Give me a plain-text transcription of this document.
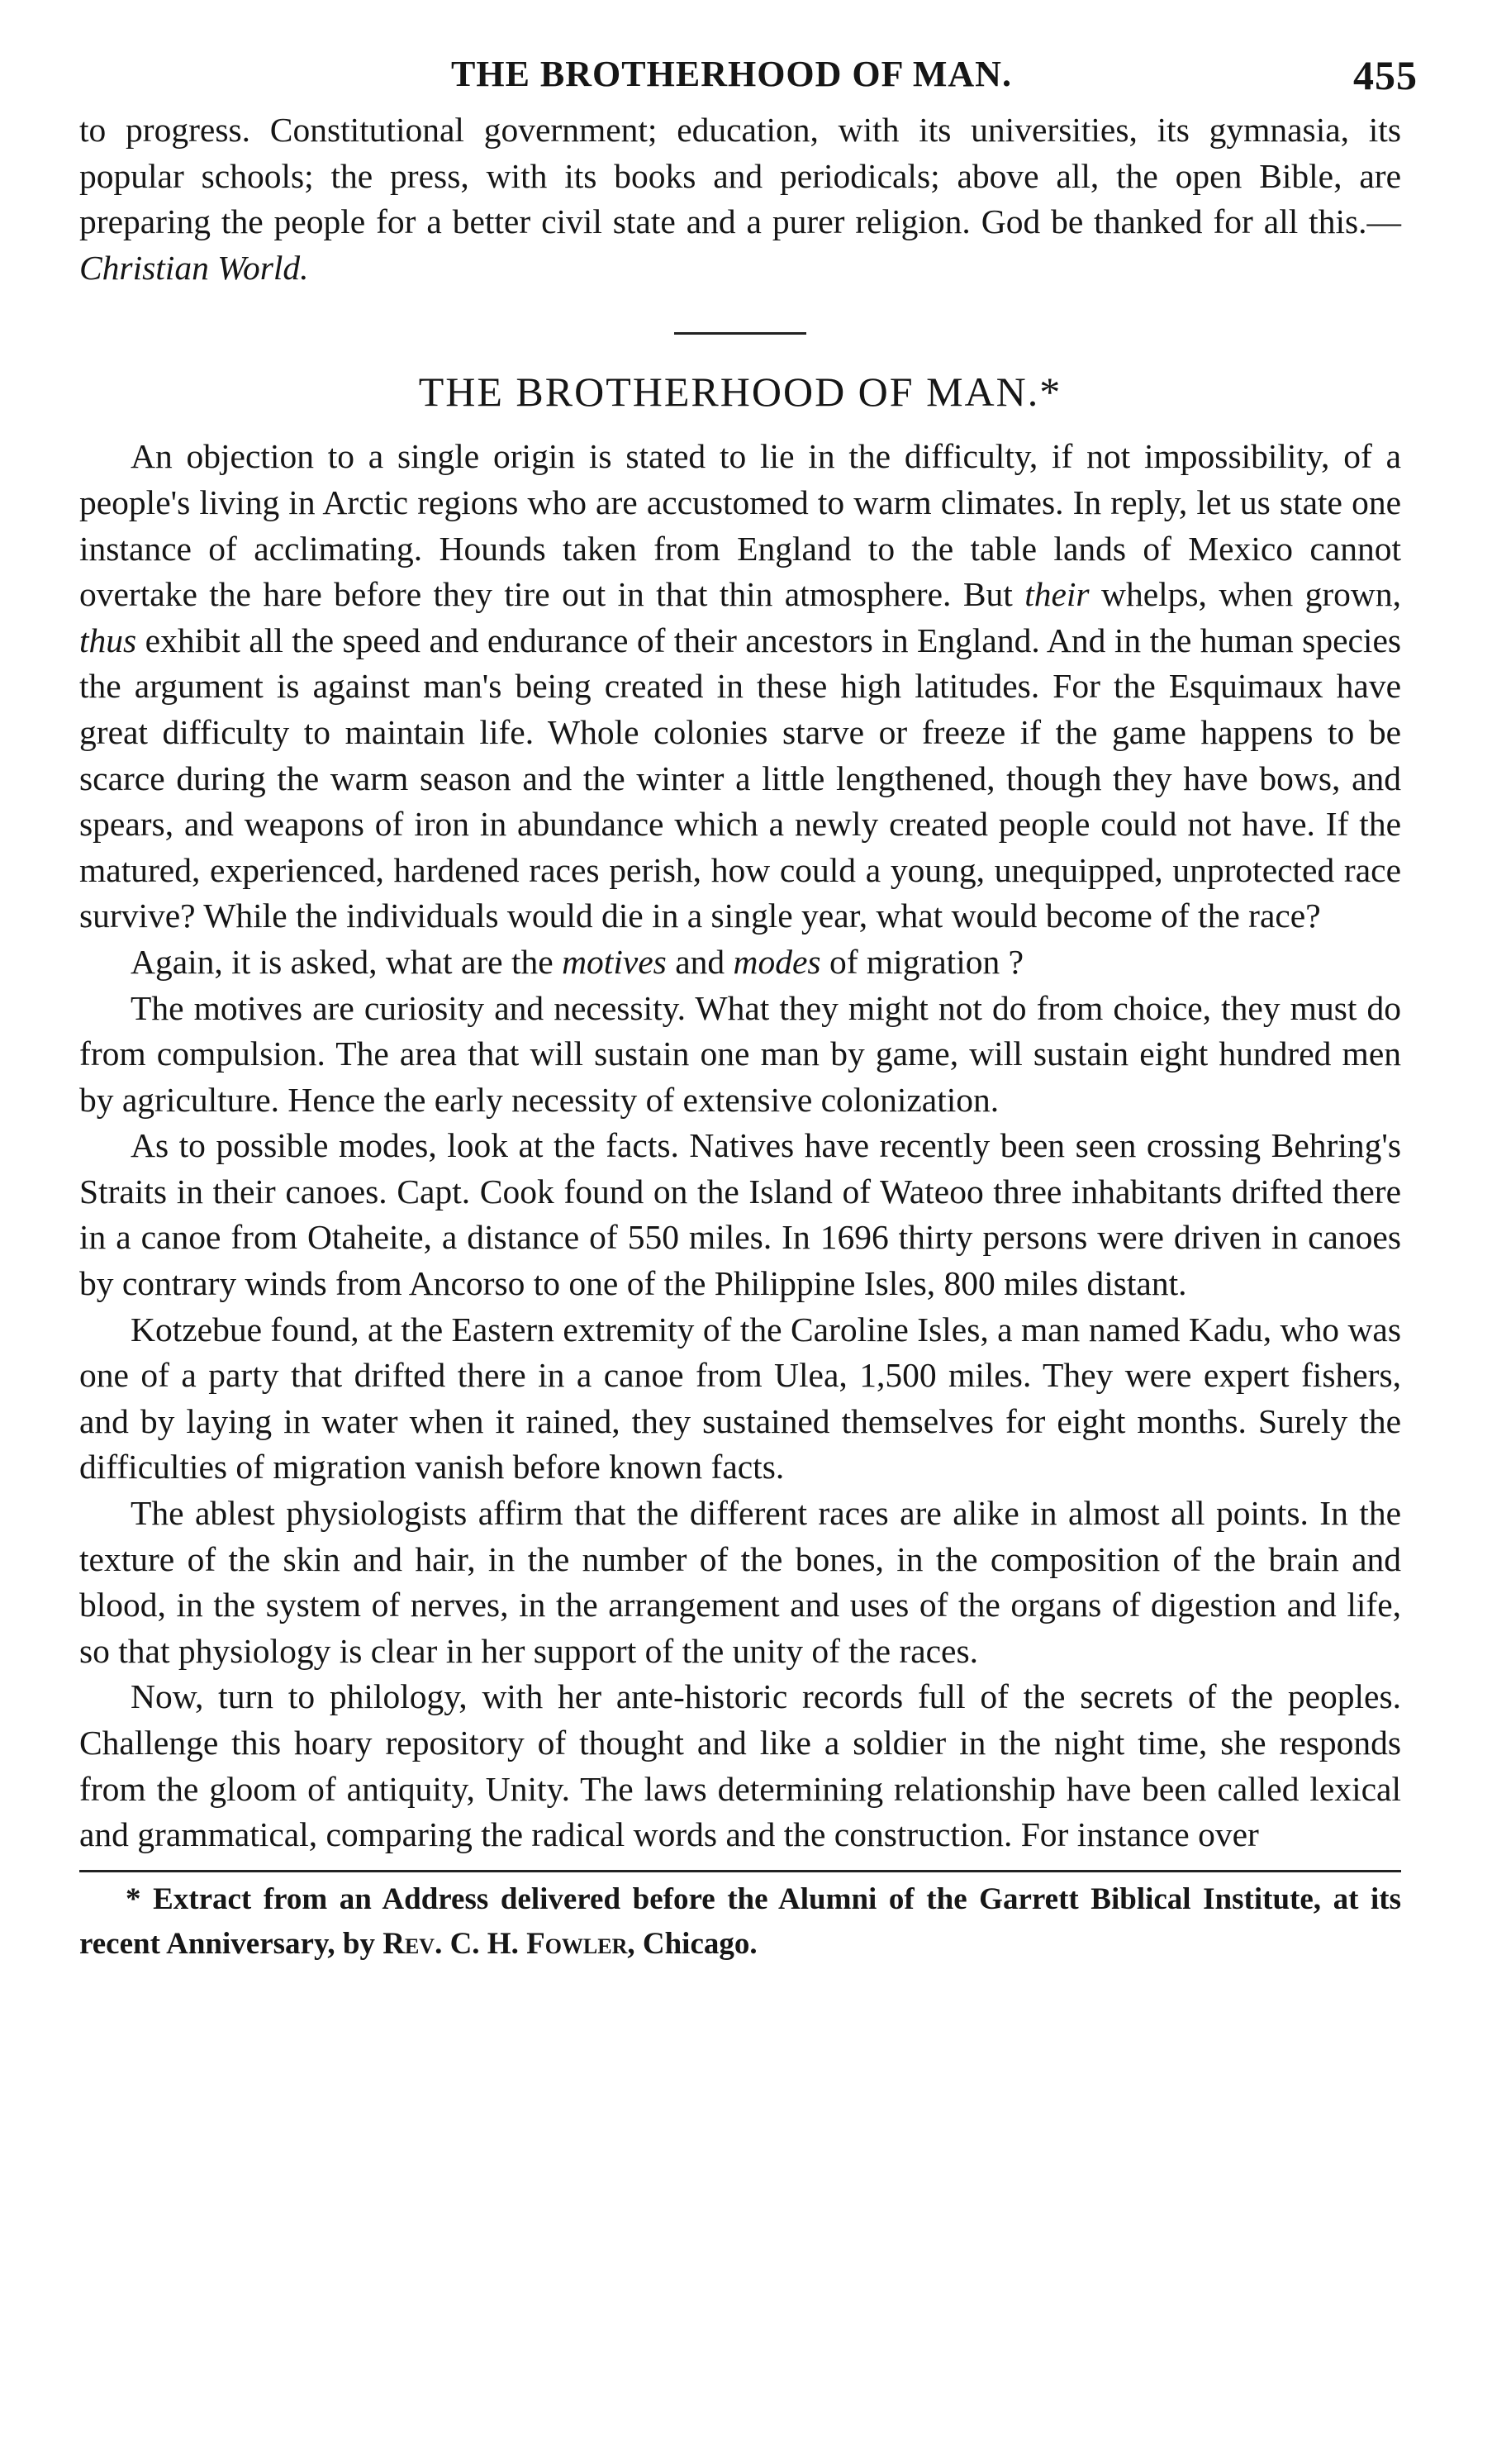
THE BROTHERHOOD OF MAN.	455

to progress. Constitutional government; education, with its universities, its gymnasia, its popular schools; the press, with its books and periodicals; above all, the open Bible, are preparing the people for a better civil state and a purer religion. God be thanked for all this.—Christian World.

THE BROTHERHOOD OF MAN.*

An objection to a single origin is stated to lie in the difficulty, if not impossibility, of a people's living in Arctic regions who are accustomed to warm climates. In reply, let us state one instance of acclimating. Hounds taken from England to the table lands of Mexico cannot overtake the hare before they tire out in that thin atmosphere. But their whelps, when grown, thus exhibit all the speed and endurance of their ancestors in England. And in the human species the argument is against man's being created in these high latitudes. For the Esquimaux have great difficulty to maintain life. Whole colonies starve or freeze if the game happens to be scarce during the warm season and the winter a little lengthened, though they have bows, and spears, and weapons of iron in abundance which a newly created people could not have. If the matured, experienced, hardened races perish, how could a young, unequipped, unprotected race survive? While the individuals would die in a single year, what would become of the race?

Again, it is asked, what are the motives and modes of migration ?

The motives are curiosity and necessity. What they might not do from choice, they must do from compulsion. The area that will sustain one man by game, will sustain eight hundred men by agriculture. Hence the early necessity of extensive colonization.

As to possible modes, look at the facts. Natives have recently been seen crossing Behring's Straits in their canoes. Capt. Cook found on the Island of Wateoo three inhabitants drifted there in a canoe from Otaheite, a distance of 550 miles. In 1696 thirty persons were driven in canoes by contrary winds from Ancorso to one of the Philippine Isles, 800 miles distant.

Kotzebue found, at the Eastern extremity of the Caroline Isles, a man named Kadu, who was one of a party that drifted there in a canoe from Ulea, 1,500 miles. They were expert fishers, and by laying in water when it rained, they sustained themselves for eight months. Surely the difficulties of migration vanish before known facts.

The ablest physiologists affirm that the different races are alike in almost all points. In the texture of the skin and hair, in the number of the bones, in the composition of the brain and blood, in the system of nerves, in the arrangement and uses of the organs of digestion and life, so that physiology is clear in her support of the unity of the races.

Now, turn to philology, with her ante-historic records full of the secrets of the peoples. Challenge this hoary repository of thought and like a soldier in the night time, she responds from the gloom of antiquity, Unity. The laws determining relationship have been called lexical and grammatical, comparing the radical words and the construction. For instance over

* Extract from an Address delivered before the Alumni of the Garrett Biblical Institute, at its recent Anniversary, by Rev. C. H. Fowler, Chicago.
